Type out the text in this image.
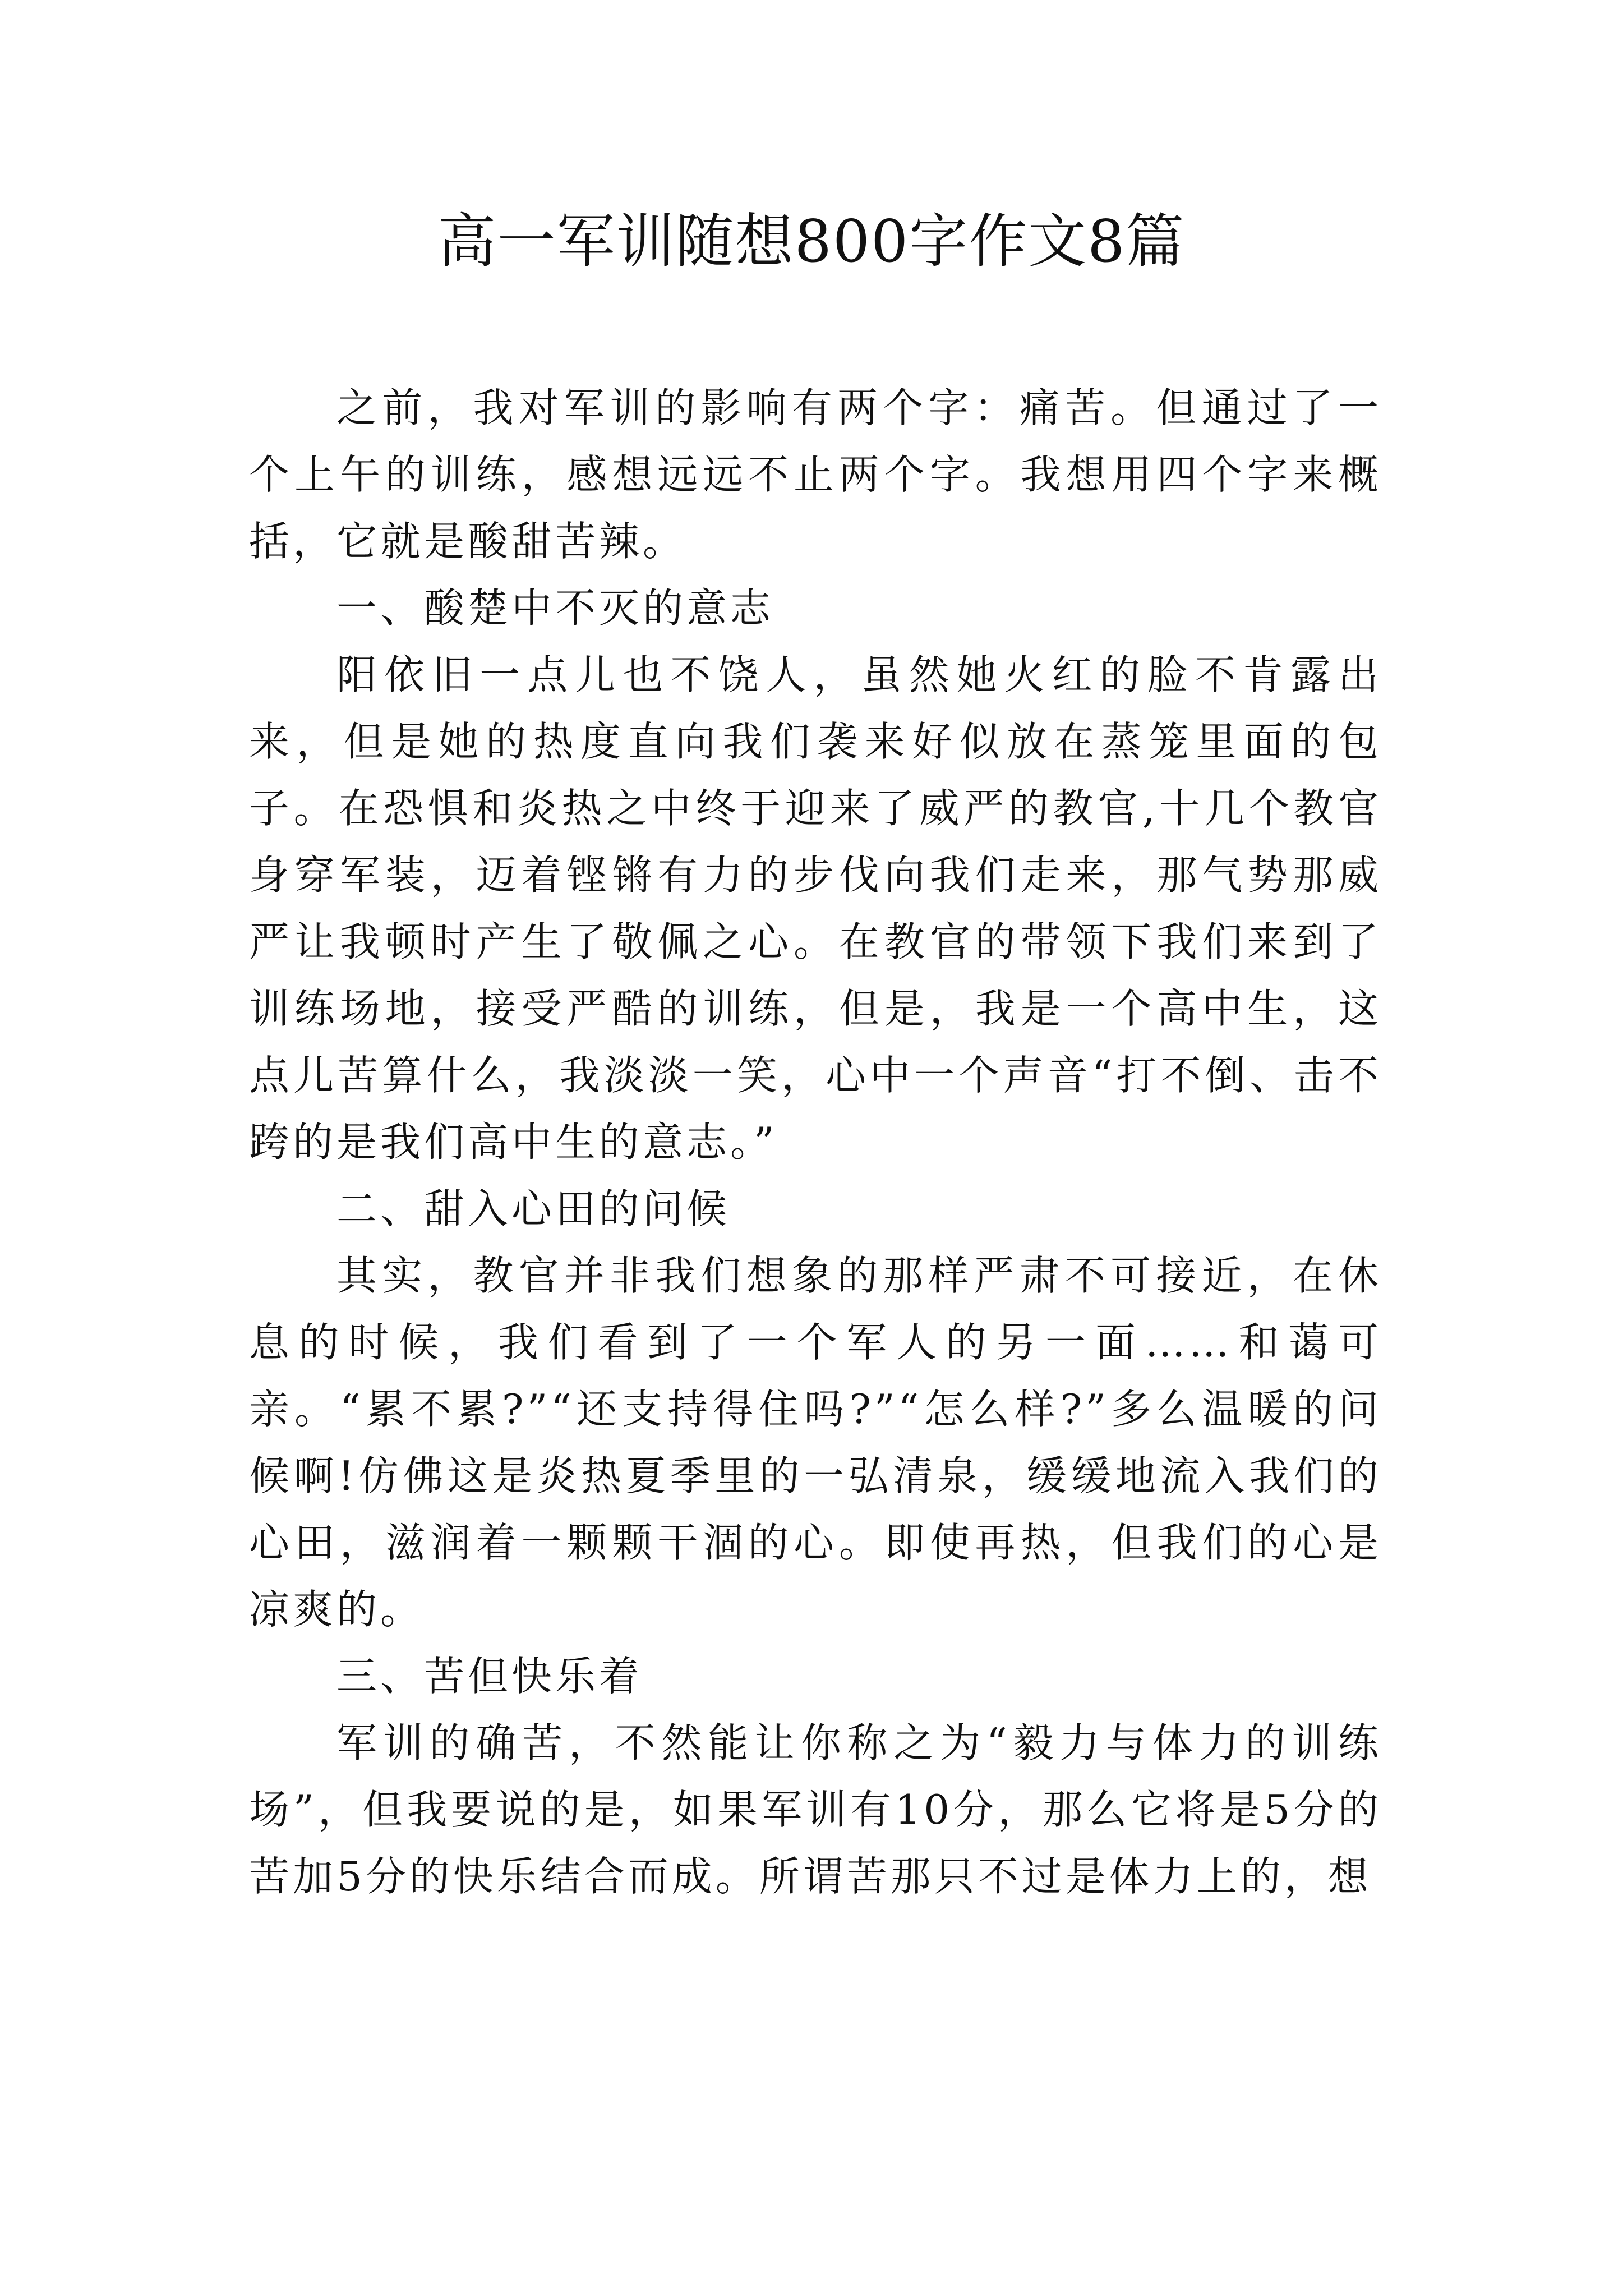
高一军训随想800字作文8篇

之前，我对军训的影响有两个字：痛苦。但通过了一个上午的训练，感想远远不止两个字。我想用四个字来概括，它就是酸甜苦辣。

一、酸楚中不灭的意志

阳依旧一点儿也不饶人，虽然她火红的脸不肯露出来，但是她的热度直向我们袭来好似放在蒸笼里面的包子。在恐惧和炎热之中终于迎来了威严的教官,十几个教官身穿军装，迈着铿锵有力的步伐向我们走来，那气势那威严让我顿时产生了敬佩之心。在教官的带领下我们来到了训练场地，接受严酷的训练，但是，我是一个高中生，这点儿苦算什么，我淡淡一笑，心中一个声音“打不倒、击不跨的是我们高中生的意志。”

二、甜入心田的问候

其实，教官并非我们想象的那样严肃不可接近，在休息的时候，我们看到了一个军人的另一面……和蔼可亲。“累不累?”“还支持得住吗?”“怎么样?”多么温暖的问候啊!仿佛这是炎热夏季里的一弘清泉，缓缓地流入我们的心田，滋润着一颗颗干涸的心。即使再热，但我们的心是凉爽的。

三、苦但快乐着

军训的确苦，不然能让你称之为“毅力与体力的训练场”，但我要说的是，如果军训有10分，那么它将是5分的苦加5分的快乐结合而成。所谓苦那只不过是体力上的，想
